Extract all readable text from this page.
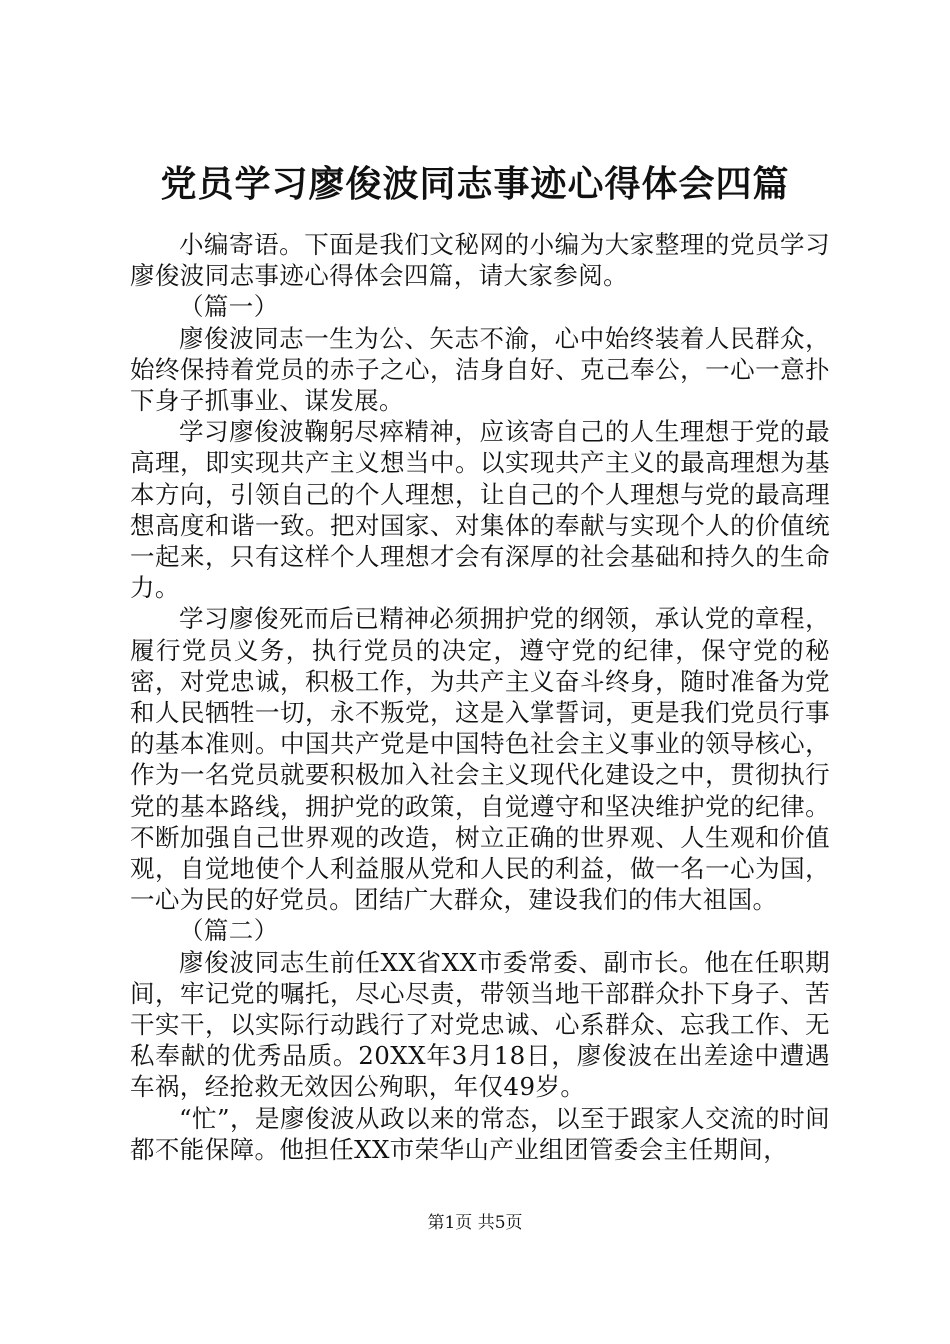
党员学习廖俊波同志事迹心得体会四篇

小编寄语。下面是我们文秘网的小编为大家整理的党员学习廖俊波同志事迹心得体会四篇，请大家参阅。

（篇一）

廖俊波同志一生为公、矢志不渝，心中始终装着人民群众，始终保持着党员的赤子之心，洁身自好、克己奉公，一心一意扑下身子抓事业、谋发展。

学习廖俊波鞠躬尽瘁精神，应该寄自己的人生理想于党的最高理，即实现共产主义想当中。以实现共产主义的最高理想为基本方向，引领自己的个人理想，让自己的个人理想与党的最高理想高度和谐一致。把对国家、对集体的奉献与实现个人的价值统一起来，只有这样个人理想才会有深厚的社会基础和持久的生命力。

学习廖俊死而后已精神必须拥护党的纲领，承认党的章程，履行党员义务，执行党员的决定，遵守党的纪律，保守党的秘密，对党忠诚，积极工作，为共产主义奋斗终身，随时准备为党和人民牺牲一切，永不叛党，这是入掌誓词，更是我们党员行事的基本准则。中国共产党是中国特色社会主义事业的领导核心，作为一名党员就要积极加入社会主义现代化建设之中，贯彻执行党的基本路线，拥护党的政策，自觉遵守和坚决维护党的纪律。不断加强自己世界观的改造，树立正确的世界观、人生观和价值观，自觉地使个人利益服从党和人民的利益，做一名一心为国，一心为民的好党员。团结广大群众，建设我们的伟大祖国。

（篇二）

廖俊波同志生前任XX省XX市委常委、副市长。他在任职期间，牢记党的嘱托，尽心尽责，带领当地干部群众扑下身子、苦干实干，以实际行动践行了对党忠诚、心系群众、忘我工作、无私奉献的优秀品质。20XX年3月18日，廖俊波在出差途中遭遇车祸，经抢救无效因公殉职，年仅49岁。

“忙”，是廖俊波从政以来的常态，以至于跟家人交流的时间都不能保障。他担任XX市荣华山产业组团管委会主任期间，

第1页 共5页
